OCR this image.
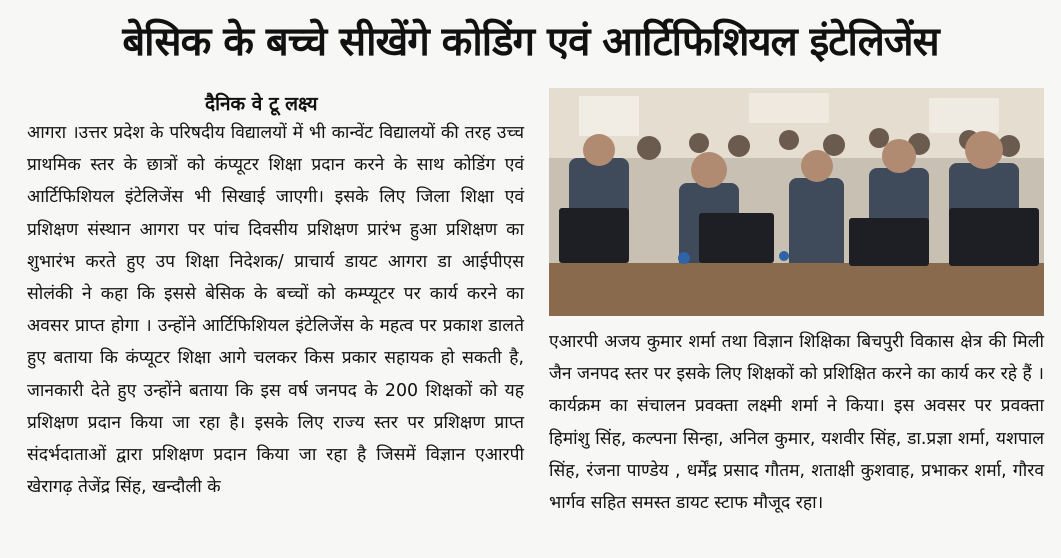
बेसिक के बच्चे सीखेंगे कोडिंग एवं आर्टिफिशियल इंटेलिजेंस
दैनिक वे टू लक्ष्य

आगरा ।उत्तर प्रदेश के परिषदीय विद्यालयों में भी कान्वेंट विद्यालयों की तरह उच्च प्राथमिक स्तर के छात्रों को कंप्यूटर शिक्षा प्रदान करने के साथ कोडिंग एवं आर्टिफिशियल इंटेलिजेंस भी सिखाई जाएगी। इसके लिए जिला शिक्षा एवं प्रशिक्षण संस्थान आगरा पर पांच दिवसीय प्रशिक्षण प्रारंभ हुआ प्रशिक्षण का शुभारंभ करते हुए उप शिक्षा निदेशक/ प्राचार्य डायट आगरा डा आईपीएस सोलंकी ने कहा कि इससे बेसिक के बच्चों को कम्प्यूटर पर कार्य करने का अवसर प्राप्त होगा । उन्होंने आर्टिफिशियल इंटेलिजेंस के महत्व पर प्रकाश डालते हुए बताया कि कंप्यूटर शिक्षा आगे चलकर किस प्रकार सहायक हो सकती है, जानकारी देते हुए उन्होंने बताया कि इस वर्ष जनपद के 200 शिक्षकों को यह प्रशिक्षण प्रदान किया जा रहा है। इसके लिए राज्य स्तर पर प्रशिक्षण प्राप्त संदर्भदाताओं द्वारा प्रशिक्षण प्रदान किया जा रहा है जिसमें विज्ञान एआरपी खेरागढ़ तेजेंद्र सिंह, खन्दौली के

एआरपी अजय कुमार शर्मा तथा विज्ञान शिक्षिका बिचपुरी विकास क्षेत्र की मिली जैन जनपद स्तर पर इसके लिए शिक्षकों को प्रशिक्षित करने का कार्य कर रहे हैं । कार्यक्रम का संचालन प्रवक्ता लक्ष्मी शर्मा ने किया। इस अवसर पर प्रवक्ता हिमांशु सिंह, कल्पना सिन्हा, अनिल कुमार, यशवीर सिंह, डा.प्रज्ञा शर्मा, यशपाल सिंह, रंजना पाण्डेय , धर्मेंद्र प्रसाद गौतम, शताक्षी कुशवाह, प्रभाकर शर्मा, गौरव भार्गव सहित समस्त डायट स्टाफ मौजूद रहा।
